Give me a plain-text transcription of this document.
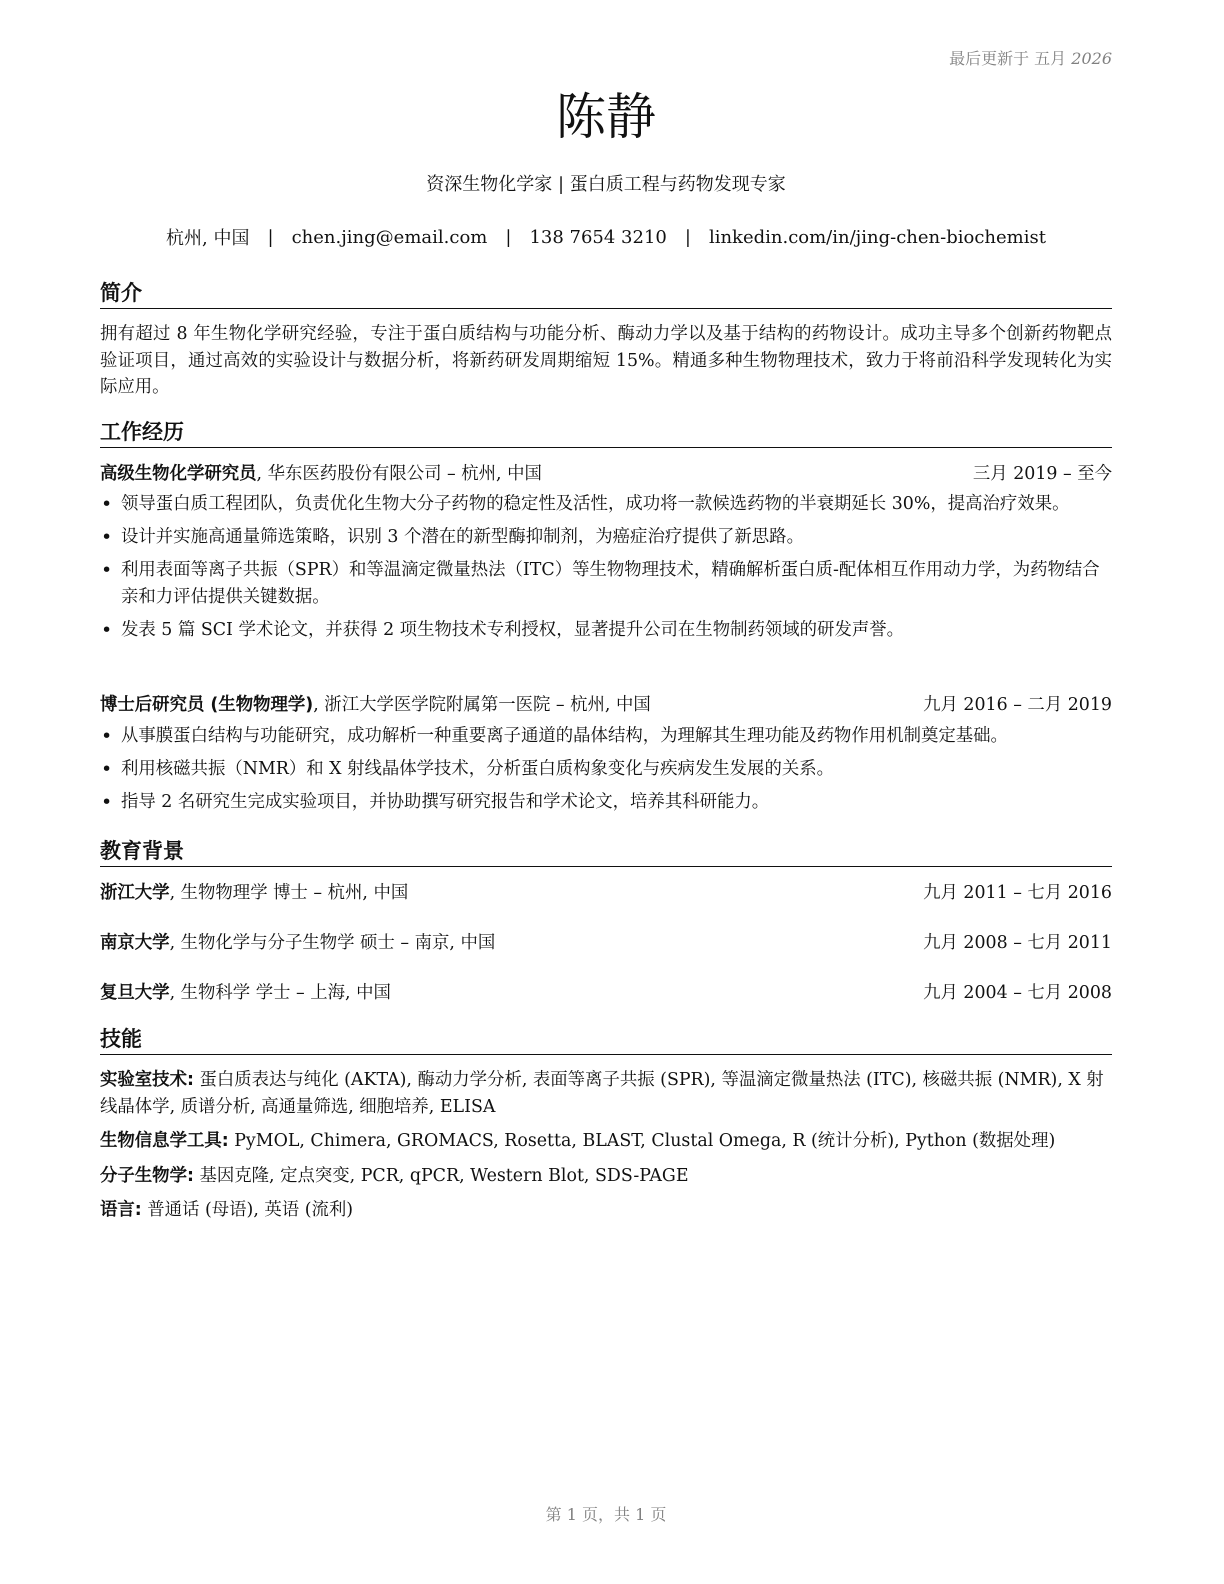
最后更新于 五月 2026
陈静
资深生物化学家 | 蛋白质工程与药物发现专家
杭州, 中国 | chen.jing@email.com | 138 7654 3210 | linkedin.com/in/jing-chen-biochemist
简介
拥有超过 8 年生物化学研究经验，专注于蛋白质结构与功能分析、酶动力学以及基于结构的药物设计。成功主导多个创新药物靶点验证项目，通过高效的实验设计与数据分析，将新药研发周期缩短 15%。精通多种生物物理技术，致力于将前沿科学发现转化为实际应用。
工作经历
高级生物化学研究员, 华东医药股份有限公司 – 杭州, 中国	三月 2019 – 至今
• 领导蛋白质工程团队，负责优化生物大分子药物的稳定性及活性，成功将一款候选药物的半衰期延长 30%，提高治疗效果。
• 设计并实施高通量筛选策略，识别 3 个潜在的新型酶抑制剂，为癌症治疗提供了新思路。
• 利用表面等离子共振（SPR）和等温滴定微量热法（ITC）等生物物理技术，精确解析蛋白质-配体相互作用动力学，为药物结合亲和力评估提供关键数据。
• 发表 5 篇 SCI 学术论文，并获得 2 项生物技术专利授权，显著提升公司在生物制药领域的研发声誉。
博士后研究员 (生物物理学), 浙江大学医学院附属第一医院 – 杭州, 中国	九月 2016 – 二月 2019
• 从事膜蛋白结构与功能研究，成功解析一种重要离子通道的晶体结构，为理解其生理功能及药物作用机制奠定基础。
• 利用核磁共振（NMR）和 X 射线晶体学技术，分析蛋白质构象变化与疾病发生发展的关系。
• 指导 2 名研究生完成实验项目，并协助撰写研究报告和学术论文，培养其科研能力。
教育背景
浙江大学, 生物物理学 博士 – 杭州, 中国	九月 2011 – 七月 2016
南京大学, 生物化学与分子生物学 硕士 – 南京, 中国	九月 2008 – 七月 2011
复旦大学, 生物科学 学士 – 上海, 中国	九月 2004 – 七月 2008
技能
实验室技术: 蛋白质表达与纯化 (AKTA), 酶动力学分析, 表面等离子共振 (SPR), 等温滴定微量热法 (ITC), 核磁共振 (NMR), X 射线晶体学, 质谱分析, 高通量筛选, 细胞培养, ELISA
生物信息学工具: PyMOL, Chimera, GROMACS, Rosetta, BLAST, Clustal Omega, R (统计分析), Python (数据处理)
分子生物学: 基因克隆, 定点突变, PCR, qPCR, Western Blot, SDS-PAGE
语言: 普通话 (母语), 英语 (流利)
第 1 页，共 1 页
